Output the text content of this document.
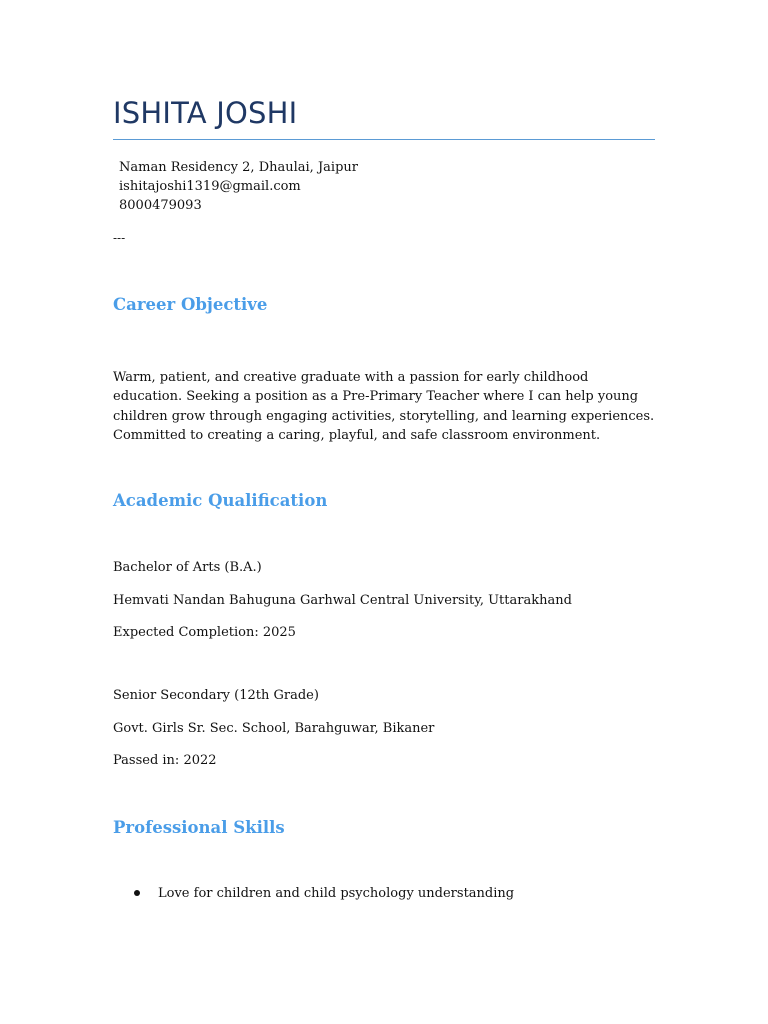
ISHITA JOSHI
Naman Residency 2, Dhaulai, Jaipur
ishitajoshi1319@gmail.com
8000479093
---
Career Objective
Warm, patient, and creative graduate with a passion for early childhood education. Seeking a position as a Pre-Primary Teacher where I can help young children grow through engaging activities, storytelling, and learning experiences. Committed to creating a caring, playful, and safe classroom environment.
Academic Qualification
Bachelor of Arts (B.A.)
Hemvati Nandan Bahuguna Garhwal Central University, Uttarakhand
Expected Completion: 2025
Senior Secondary (12th Grade)
Govt. Girls Sr. Sec. School, Barahguwar, Bikaner
Passed in: 2022
Professional Skills
Love for children and child psychology understanding
